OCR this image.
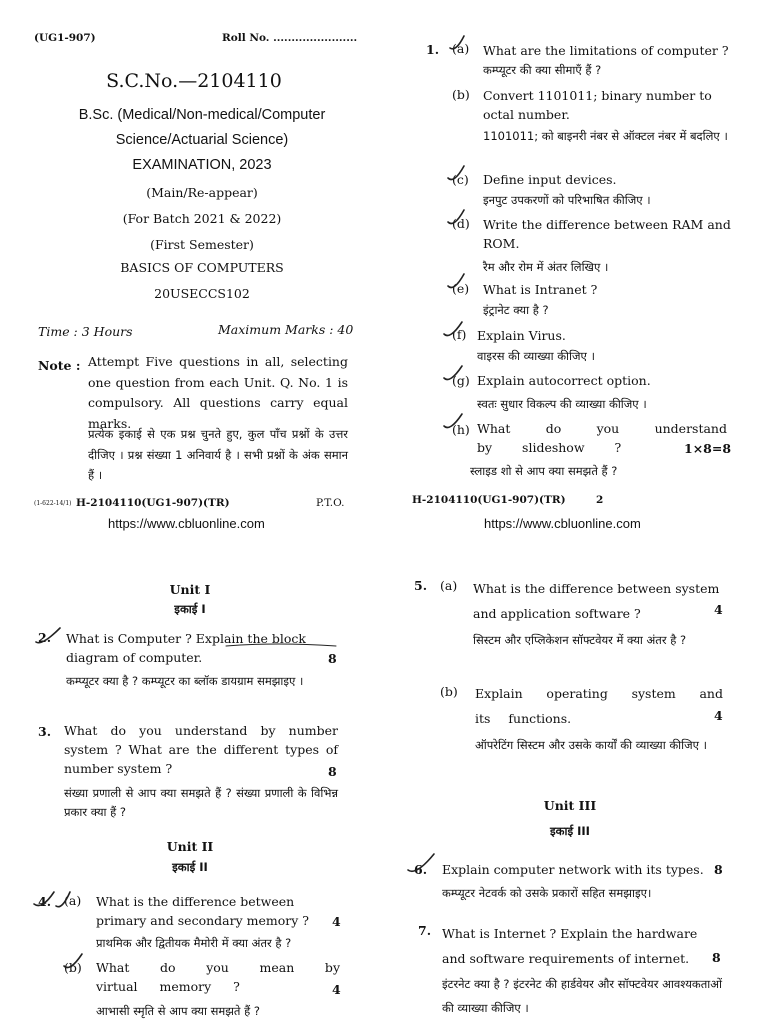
(UG1-907)	Roll No. .......................
S.C.No.—2104110
B.Sc. (Medical/Non-medical/Computer
Science/Actuarial Science)
EXAMINATION, 2023
(Main/Re-appear)
(For Batch 2021 & 2022)
(First Semester)
BASICS OF COMPUTERS
20USECCS102
Time : 3 Hours	Maximum Marks : 40
Note : Attempt Five questions in all, selecting one question from each Unit. Q. No. 1 is compulsory. All questions carry equal marks.
प्रत्येक इकाई से एक प्रश्न चुनते हुए, कुल पाँच प्रश्नों के उत्तर दीजिए । प्रश्न संख्या 1 अनिवार्य है । सभी प्रश्नों के अंक समान हैं ।
(1-622-14/1) H-2104110(UG1-907)(TR)	P.T.O.
https://www.cbluonline.com
1. (a) What are the limitations of computer ?
कम्प्यूटर की क्या सीमाएँ हैं ?
(b) Convert 1101011; binary number to octal number.
1101011; को बाइनरी नंबर से ऑक्टल नंबर में बदलिए ।
(c) Define input devices.
इनपुट उपकरणों को परिभाषित कीजिए ।
(d) Write the difference between RAM and ROM.
रैम और रोम में अंतर लिखिए ।
(e) What is Intranet ?
इंट्रानेट क्या है ?
(f) Explain Virus.
वाइरस की व्याख्या कीजिए ।
(g) Explain autocorrect option.
स्वतः सुधार विकल्प की व्याख्या कीजिए ।
(h) What do you understand by slideshow ?	1×8=8
स्लाइड शो से आप क्या समझते हैं ?
H-2104110(UG1-907)(TR)	2
https://www.cbluonline.com
Unit I
इकाई I
2. What is Computer ? Explain the block diagram of computer.	8
कम्प्यूटर क्या है ? कम्प्यूटर का ब्लॉक डायग्राम समझाइए ।
3. What do you understand by number system ? What are the different types of number system ?	8
संख्या प्रणाली से आप क्या समझते हैं ? संख्या प्रणाली के विभिन्न प्रकार क्या हैं ?
Unit II
इकाई II
4. (a) What is the difference between primary and secondary memory ?	4
प्राथमिक और द्वितीयक मैमोरी में क्या अंतर है ?
(b) What do you mean by virtual memory ?	4
आभासी स्मृति से आप क्या समझते हैं ?
5. (a) What is the difference between system and application software ?	4
सिस्टम और एप्लिकेशन सॉफ्टवेयर में क्या अंतर है ?
(b) Explain operating system and its functions.	4
ऑपरेटिंग सिस्टम और उसके कार्यों की व्याख्या कीजिए ।
Unit III
इकाई III
6. Explain computer network with its types. 8
कम्प्यूटर नेटवर्क को उसके प्रकारों सहित समझाइए।
7. What is Internet ? Explain the hardware and software requirements of internet.	8
इंटरनेट क्या है ? इंटरनेट की हार्डवेयर और सॉफ्टवेयर आवश्यकताओं की व्याख्या कीजिए ।
